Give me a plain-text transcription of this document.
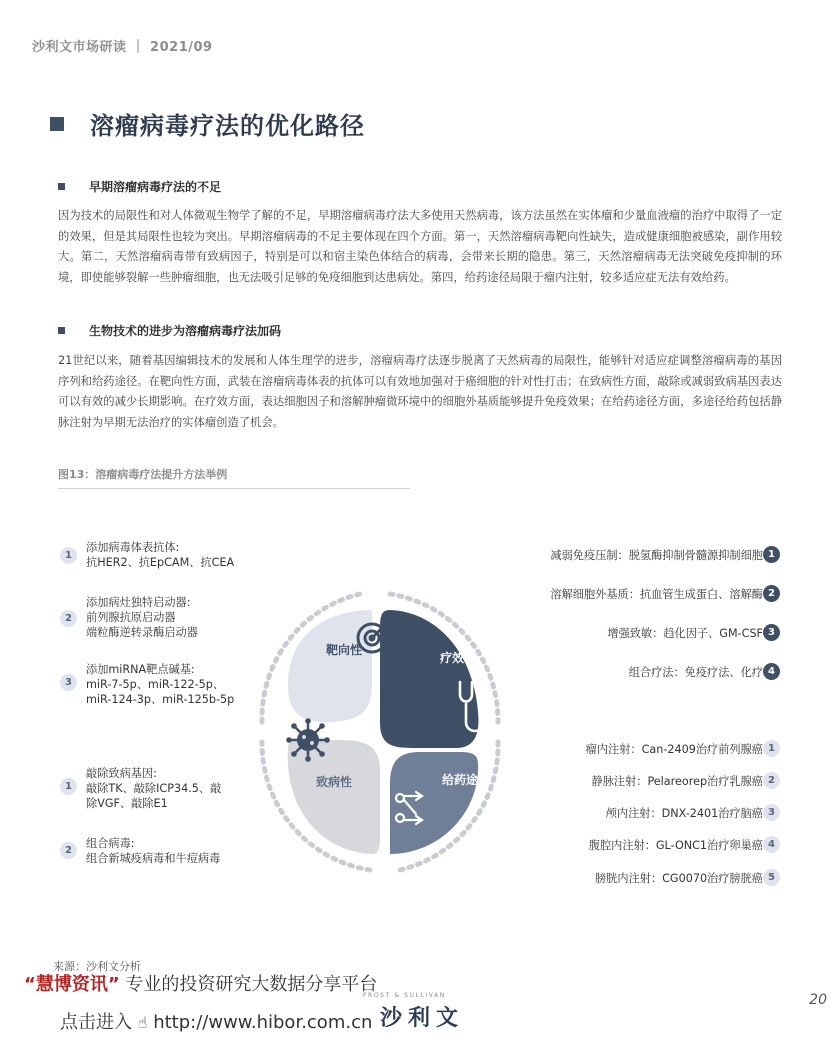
沙利文市场研读 ｜ 2021/09
溶瘤病毒疗法的优化路径
早期溶瘤病毒疗法的不足
因为技术的局限性和对人体微观生物学了解的不足，早期溶瘤病毒疗法大多使用天然病毒，该方法虽然在实体瘤和少量血液瘤的治疗中取得了一定的效果，但是其局限性也较为突出。早期溶瘤病毒的不足主要体现在四个方面。第一，天然溶瘤病毒靶向性缺失，造成健康细胞被感染，副作用较大。第二，天然溶瘤病毒带有致病因子，特别是可以和宿主染色体结合的病毒，会带来长期的隐患。第三，天然溶瘤病毒无法突破免疫抑制的环境，即使能够裂解一些肿瘤细胞，也无法吸引足够的免疫细胞到达患病处。第四，给药途径局限于瘤内注射，较多适应症无法有效给药。
生物技术的进步为溶瘤病毒疗法加码
21世纪以来，随着基因编辑技术的发展和人体生理学的进步，溶瘤病毒疗法逐步脱离了天然病毒的局限性，能够针对适应症调整溶瘤病毒的基因序列和给药途径。在靶向性方面，武装在溶瘤病毒体表的抗体可以有效地加强对于癌细胞的针对性打击；在致病性方面，敲除或减弱致病基因表达可以有效的减少长期影响。在疗效方面，表达细胞因子和溶解肿瘤微环境中的细胞外基质能够提升免疫效果；在给药途径方面，多途径给药包括静脉注射为早期无法治疗的实体瘤创造了机会。
图13：溶瘤病毒疗法提升方法举例
靶向性
疗效
致病性	给药途径
1
添加病毒体表抗体:
抗HER2、抗EpCAM、抗CEA
2
添加病灶独特启动器:
前列腺抗原启动器
端粒酶逆转录酶启动器
3
添加miRNA靶点碱基:
miR-7-5p、miR-122-5p、
miR-124-3p、miR-125b-5p
1
敲除致病基因:
敲除TK、敲除ICP34.5、敲
除VGF、敲除E1
2
组合病毒:
组合新城疫病毒和牛痘病毒
减弱免疫压制：脱氢酶抑制骨髓源抑制细胞 1
溶解细胞外基质：抗血管生成蛋白、溶解酶 2
增强致敏：趋化因子、GM-CSF 3
组合疗法：免疫疗法、化疗 4
瘤内注射：Can-2409治疗前列腺癌 1
静脉注射：Pelareorep治疗乳腺癌 2
颅内注射：DNX-2401治疗脑癌 3
腹腔内注射：GL-ONC1治疗卵巢癌 4
膀胱内注射：CG0070治疗膀胱癌 5
来源：沙利文分析
“慧博资讯” 专业的投资研究大数据分享平台
点击进入 ☝ http://www.hibor.com.cn
FROST & SULLIVAN
沙利文
20
